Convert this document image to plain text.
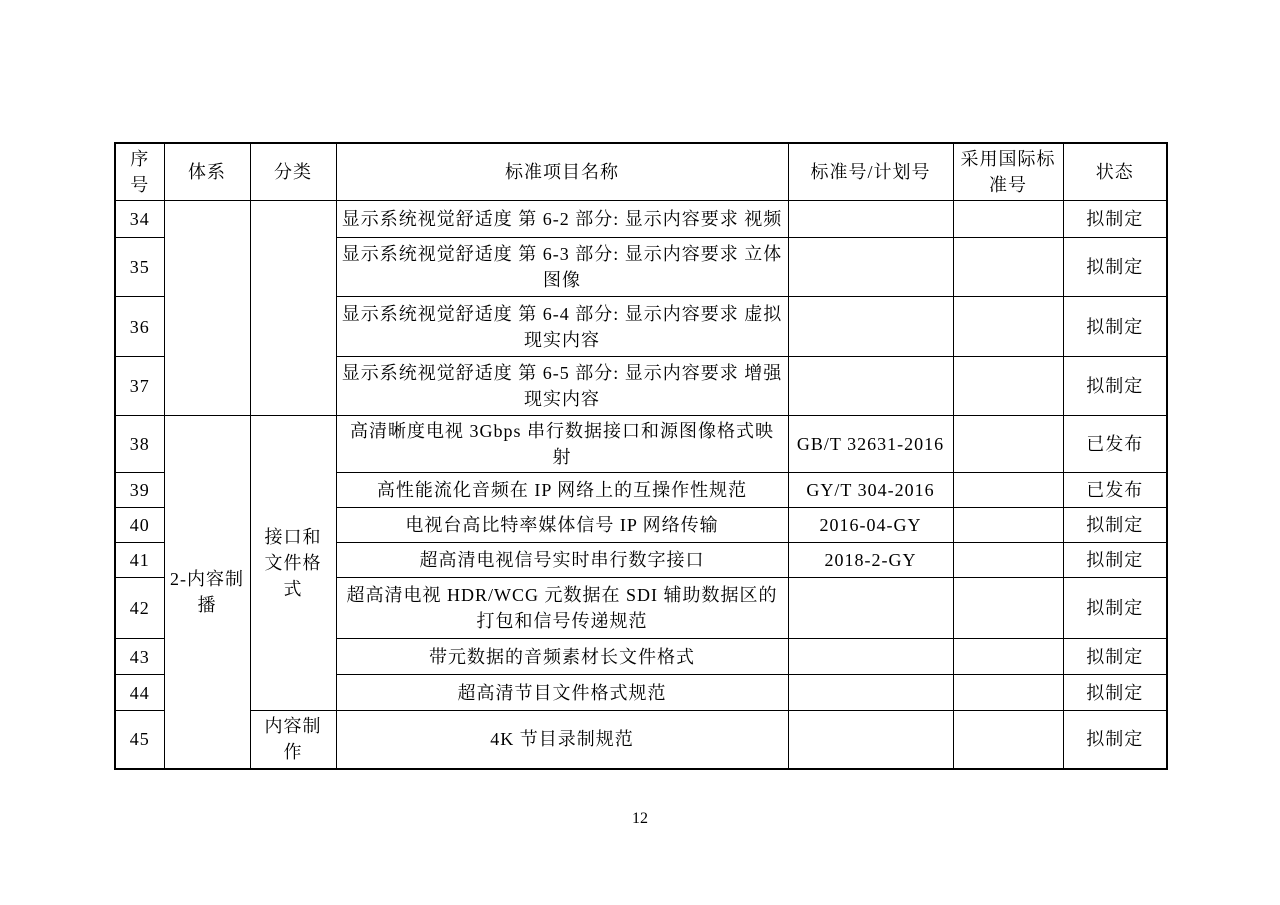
序号	体系	分类	标准项目名称	标准号/计划号	采用国际标准号	状态
34			显示系统视觉舒适度 第 6-2 部分: 显示内容要求 视频			拟制定
35			显示系统视觉舒适度 第 6-3 部分: 显示内容要求 立体图像			拟制定
36			显示系统视觉舒适度 第 6-4 部分: 显示内容要求 虚拟现实内容			拟制定
37			显示系统视觉舒适度 第 6-5 部分: 显示内容要求 增强现实内容			拟制定
38	2-内容制播	接口和文件格式	高清晰度电视 3Gbps 串行数据接口和源图像格式映射	GB/T 32631-2016		已发布
39			高性能流化音频在 IP 网络上的互操作性规范	GY/T 304-2016		已发布
40			电视台高比特率媒体信号 IP 网络传输	2016-04-GY		拟制定
41			超高清电视信号实时串行数字接口	2018-2-GY		拟制定
42			超高清电视 HDR/WCG 元数据在 SDI 辅助数据区的打包和信号传递规范			拟制定
43			带元数据的音频素材长文件格式			拟制定
44			超高清节目文件格式规范			拟制定
45		内容制作	4K 节目录制规范			拟制定
12
